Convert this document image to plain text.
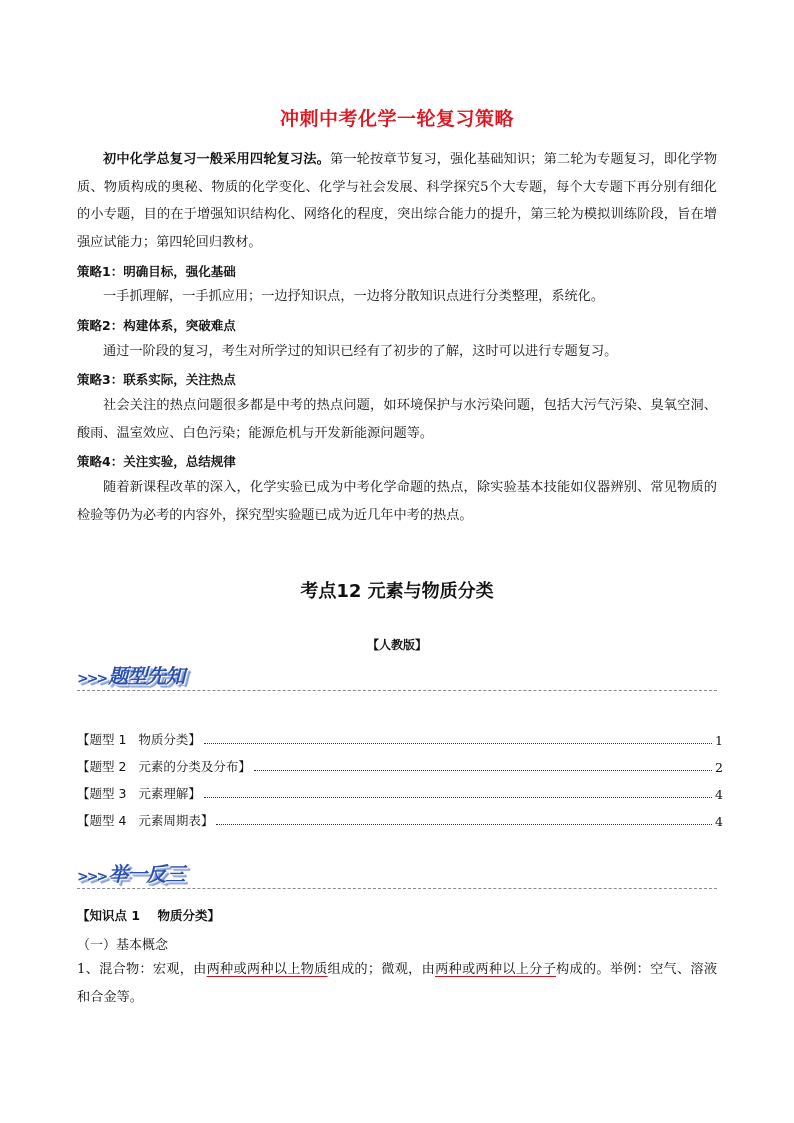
冲刺中考化学一轮复习策略
初中化学总复习一般采用四轮复习法。第一轮按章节复习，强化基础知识；第二轮为专题复习，即化学物质、物质构成的奥秘、物质的化学变化、化学与社会发展、科学探究5个大专题，每个大专题下再分别有细化的小专题，目的在于增强知识结构化、网络化的程度，突出综合能力的提升，第三轮为模拟训练阶段，旨在增强应试能力；第四轮回归教材。
策略1：明确目标，强化基础
一手抓理解，一手抓应用；一边抒知识点，一边将分散知识点进行分类整理，系统化。
策略2：构建体系，突破难点
通过一阶段的复习，考生对所学过的知识已经有了初步的了解，这时可以进行专题复习。
策略3：联系实际，关注热点
社会关注的热点问题很多都是中考的热点问题，如环境保护与水污染问题，包括大污气污染、臭氧空洞、酸雨、温室效应、白色污染；能源危机与开发新能源问题等。
策略4：关注实验，总结规律
随着新课程改革的深入，化学实验已成为中考化学命题的热点，除实验基本技能如仪器辨别、常见物质的检验等仍为必考的内容外，探究型实验题已成为近几年中考的热点。
考点12 元素与物质分类
【人教版】
>>> 题型先知
【题型 1   物质分类】	1
【题型 2   元素的分类及分布】	2
【题型 3   元素理解】	4
【题型 4   元素周期表】	4
>>> 举一反三
【知识点 1    物质分类】
（一）基本概念
1、混合物：宏观，由两种或两种以上物质组成的；微观，由两种或两种以上分子构成的。举例：空气、溶液和合金等。
